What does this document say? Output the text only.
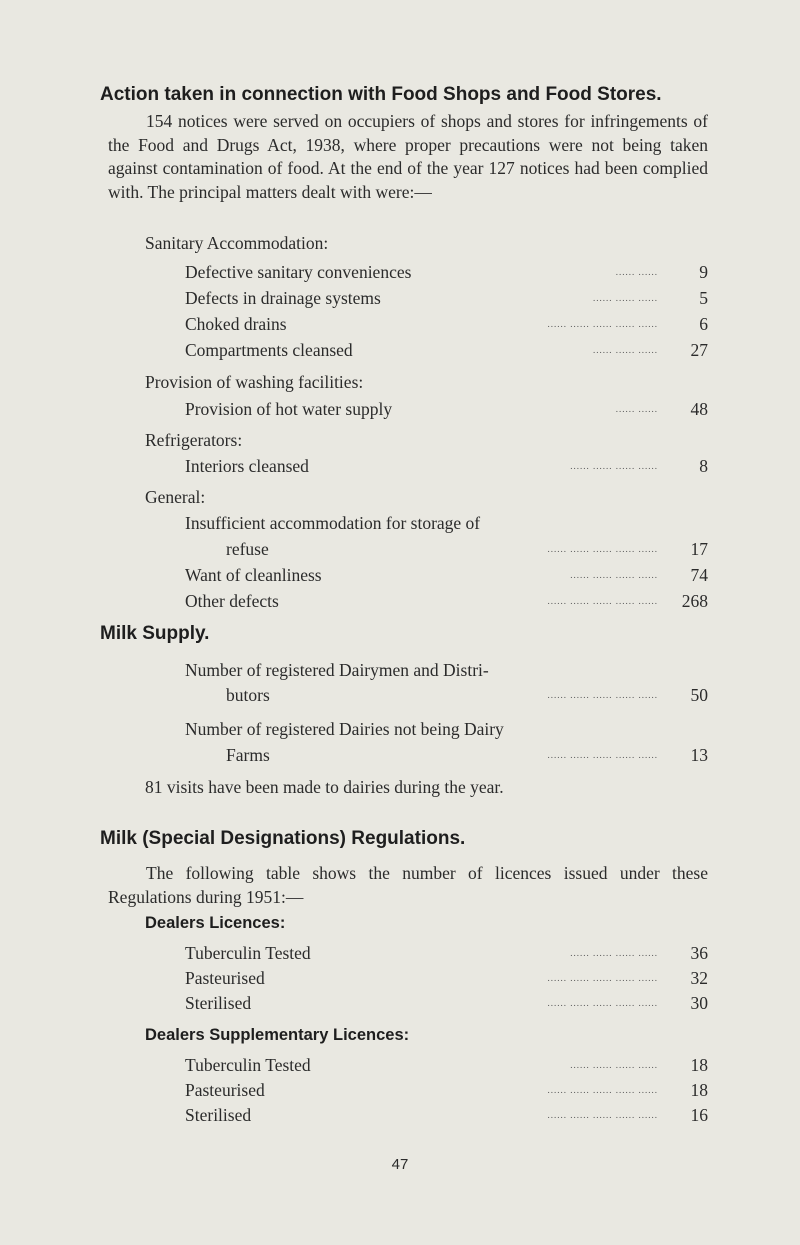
Action taken in connection with Food Shops and Food Stores.
154 notices were served on occupiers of shops and stores for infringements of the Food and Drugs Act, 1938, where proper precautions were not being taken against contamination of food. At the end of the year 127 notices had been complied with. The principal matters dealt with were:—
Sanitary Accommodation:
Defective sanitary conveniences	...... ...... 9
Defects in drainage systems	...... ...... ...... 5
Choked drains	...... ...... ...... ...... ...... 6
Compartments cleansed	...... ...... ...... 27
Provision of washing facilities:
Provision of hot water supply	...... ...... 48
Refrigerators:
Interiors cleansed	...... ...... ...... ...... 8
General:
Insufficient accommodation for storage of
refuse	...... ...... ...... ...... ...... 17
Want of cleanliness	...... ...... ...... ...... 74
Other defects	...... ...... ...... ...... ...... 268
Milk Supply.
Number of registered Dairymen and Distri-
butors	...... ...... ...... ...... ...... 50
Number of registered Dairies not being Dairy
Farms	...... ...... ...... ...... ...... 13
81 visits have been made to dairies during the year.
Milk (Special Designations) Regulations.
The following table shows the number of licences issued under these Regulations during 1951:—
Dealers Licences:
Tuberculin Tested	...... ...... ...... ...... 36
Pasteurised	...... ...... ...... ...... ...... 32
Sterilised	...... ...... ...... ...... ...... 30
Dealers Supplementary Licences:
Tuberculin Tested	...... ...... ...... ...... 18
Pasteurised	...... ...... ...... ...... ...... 18
Sterilised	...... ...... ...... ...... ...... 16
47
